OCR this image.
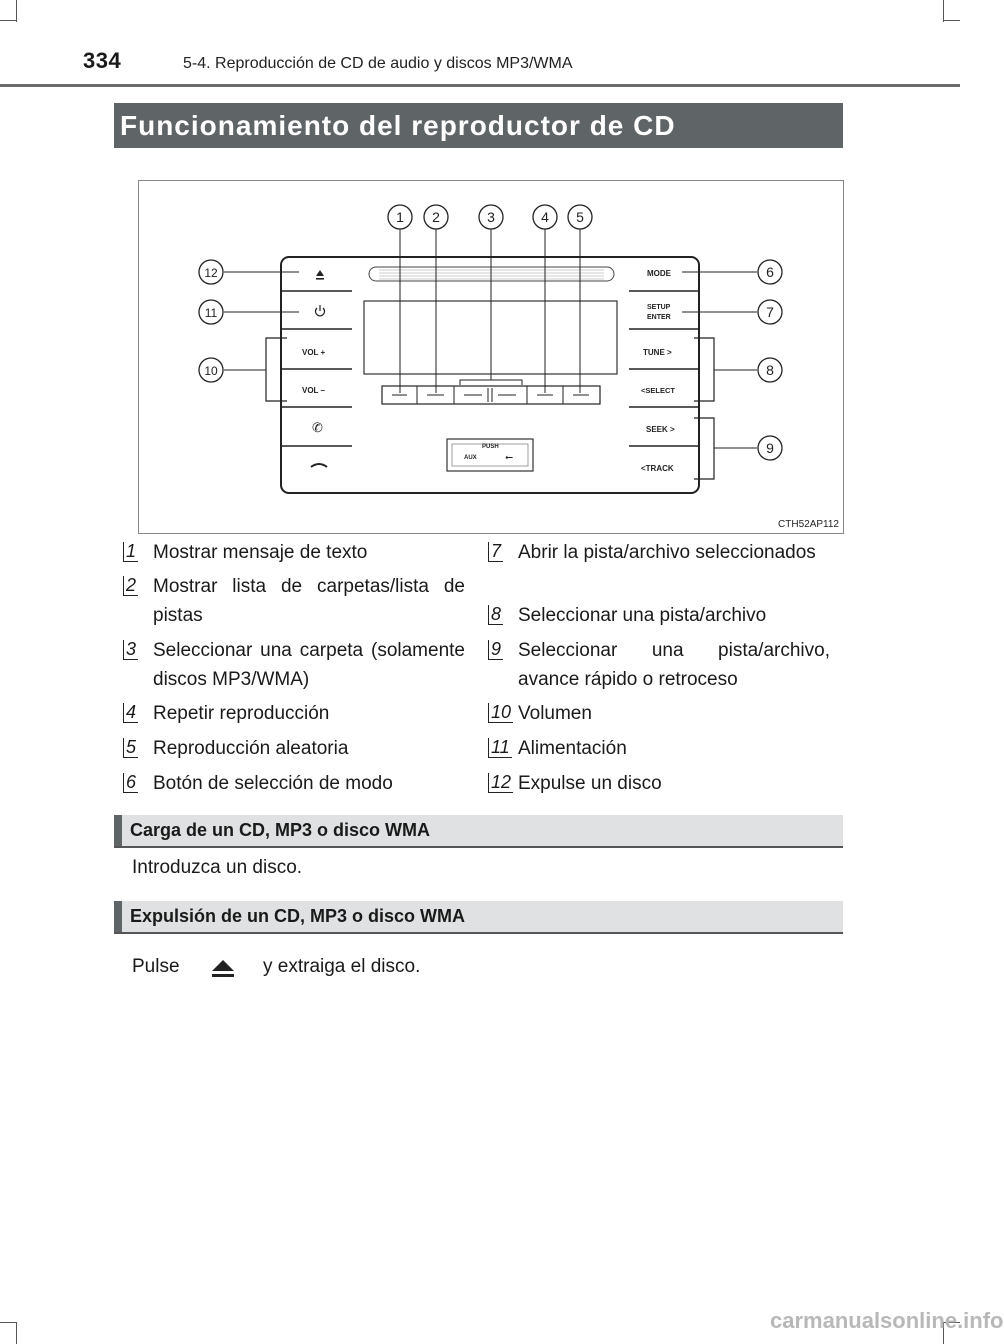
334	5-4. Reproducción de CD de audio y discos MP3/WMA
Funcionamiento del reproductor de CD
PUSH
AUX	⭠
VOL +
VOL –
✆
MODE
SETUP
ENTER
TUNE >
<SELECT
SEEK >
<TRACK
1 2	3	4 5
6
7
8
9
10
11
12
CTH52AP112
1 Mostrar mensaje de texto
2 Mostrar lista de carpetas/lista de pistas
3 Seleccionar una carpeta (solamente discos MP3/WMA)
4 Repetir reproducción
5 Reproducción aleatoria
6 Botón de selección de modo
7 Abrir la pista/archivo seleccionados
8 Seleccionar una pista/archivo
9 Seleccionar una pista/archivo, avance rápido o retroceso
10 Volumen
11 Alimentación
12 Expulse un disco
Carga de un CD, MP3 o disco WMA
Introduzca un disco.
Expulsión de un CD, MP3 o disco WMA
Pulse	y extraiga el disco.
carmanualsonline.info
